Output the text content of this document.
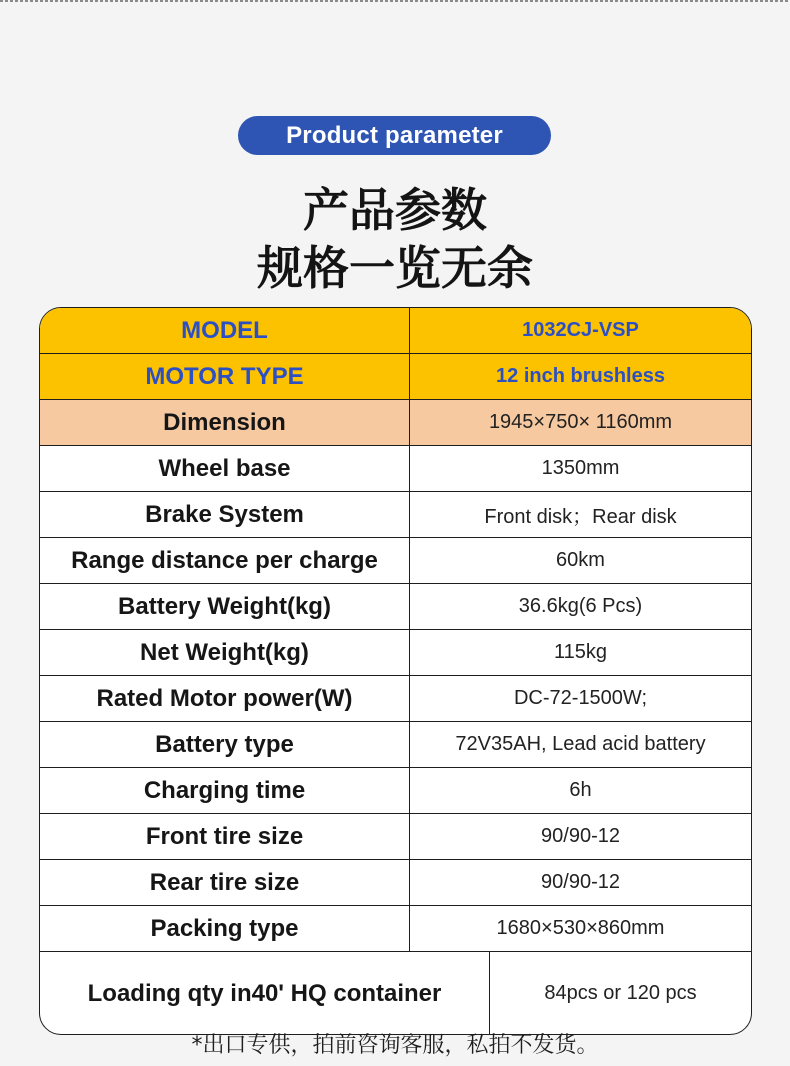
Product parameter
产品参数
规格一览无余
MODEL	1032CJ-VSP
MOTOR TYPE	12 inch brushless
Dimension	1945×750× 1160mm
Wheel base	1350mm
Brake System	Front disk；Rear disk
Range distance per charge	60km
Battery Weight(kg)	36.6kg(6 Pcs)
Net Weight(kg)	115kg
Rated Motor power(W)	DC-72-1500W;
Battery type	72V35AH, Lead acid battery
Charging time	6h
Front tire size	90/90-12
Rear tire size	90/90-12
Packing type	1680×530×860mm
Loading qty in40' HQ container	84pcs or 120 pcs
*出口专供，拍前咨询客服，私拍不发货。
